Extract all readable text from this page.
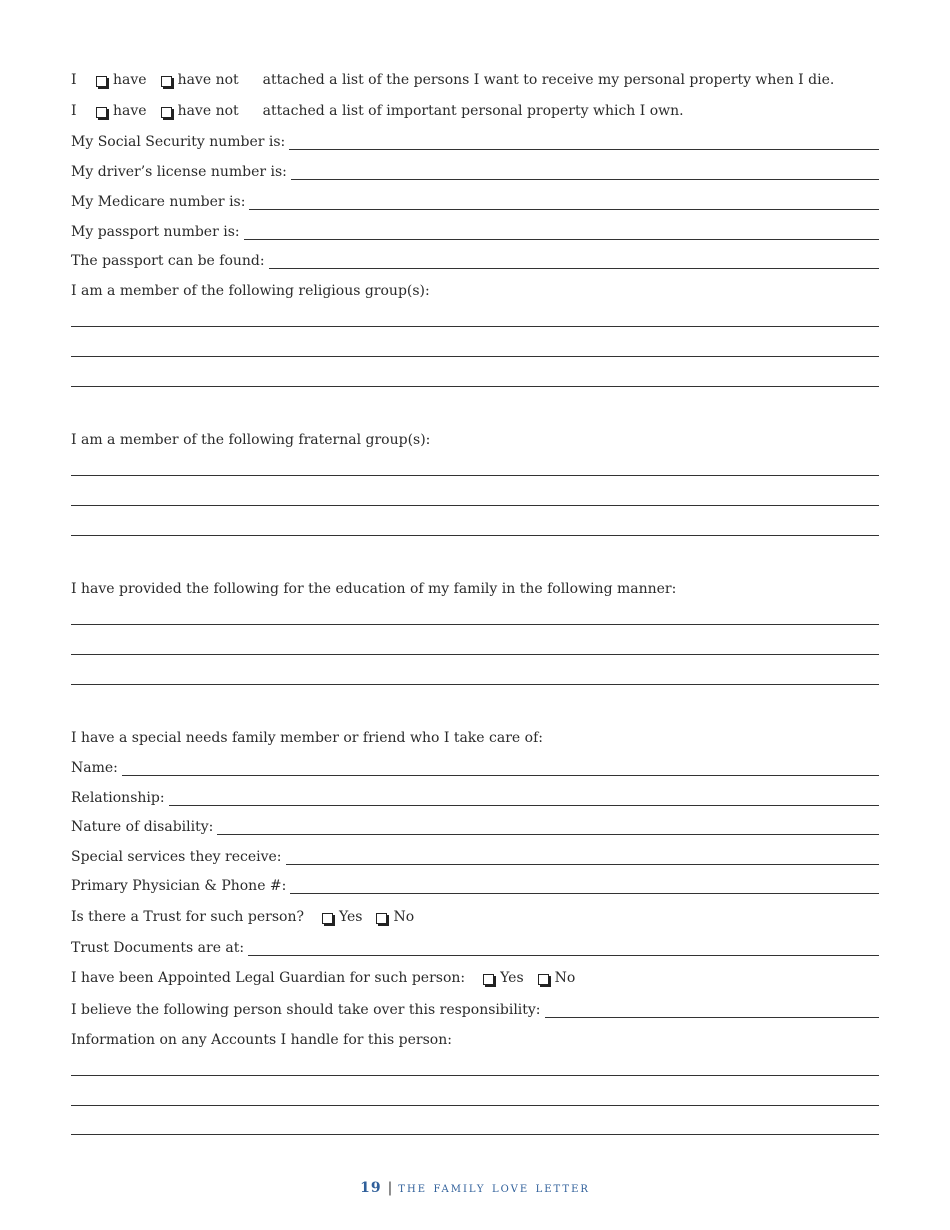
I	have have not attached a list of the persons I want to receive my personal property when I die.
I	have have not attached a list of important personal property which I own.
My Social Security number is:
My driver’s license number is:
My Medicare number is:
My passport number is:
The passport can be found:
I am a member of the following religious group(s):
I am a member of the following fraternal group(s):
I have provided the following for the education of my family in the following manner:
I have a special needs family member or friend who I take care of:
Name:
Relationship:
Nature of disability:
Special services they receive:
Primary Physician & Phone #:
Is there a Trust for such person?	Yes No
Trust Documents are at:
I have been Appointed Legal Guardian for such person:	Yes No
I believe the following person should take over this responsibility:
Information on any Accounts I handle for this person:
19 | the family love letter
